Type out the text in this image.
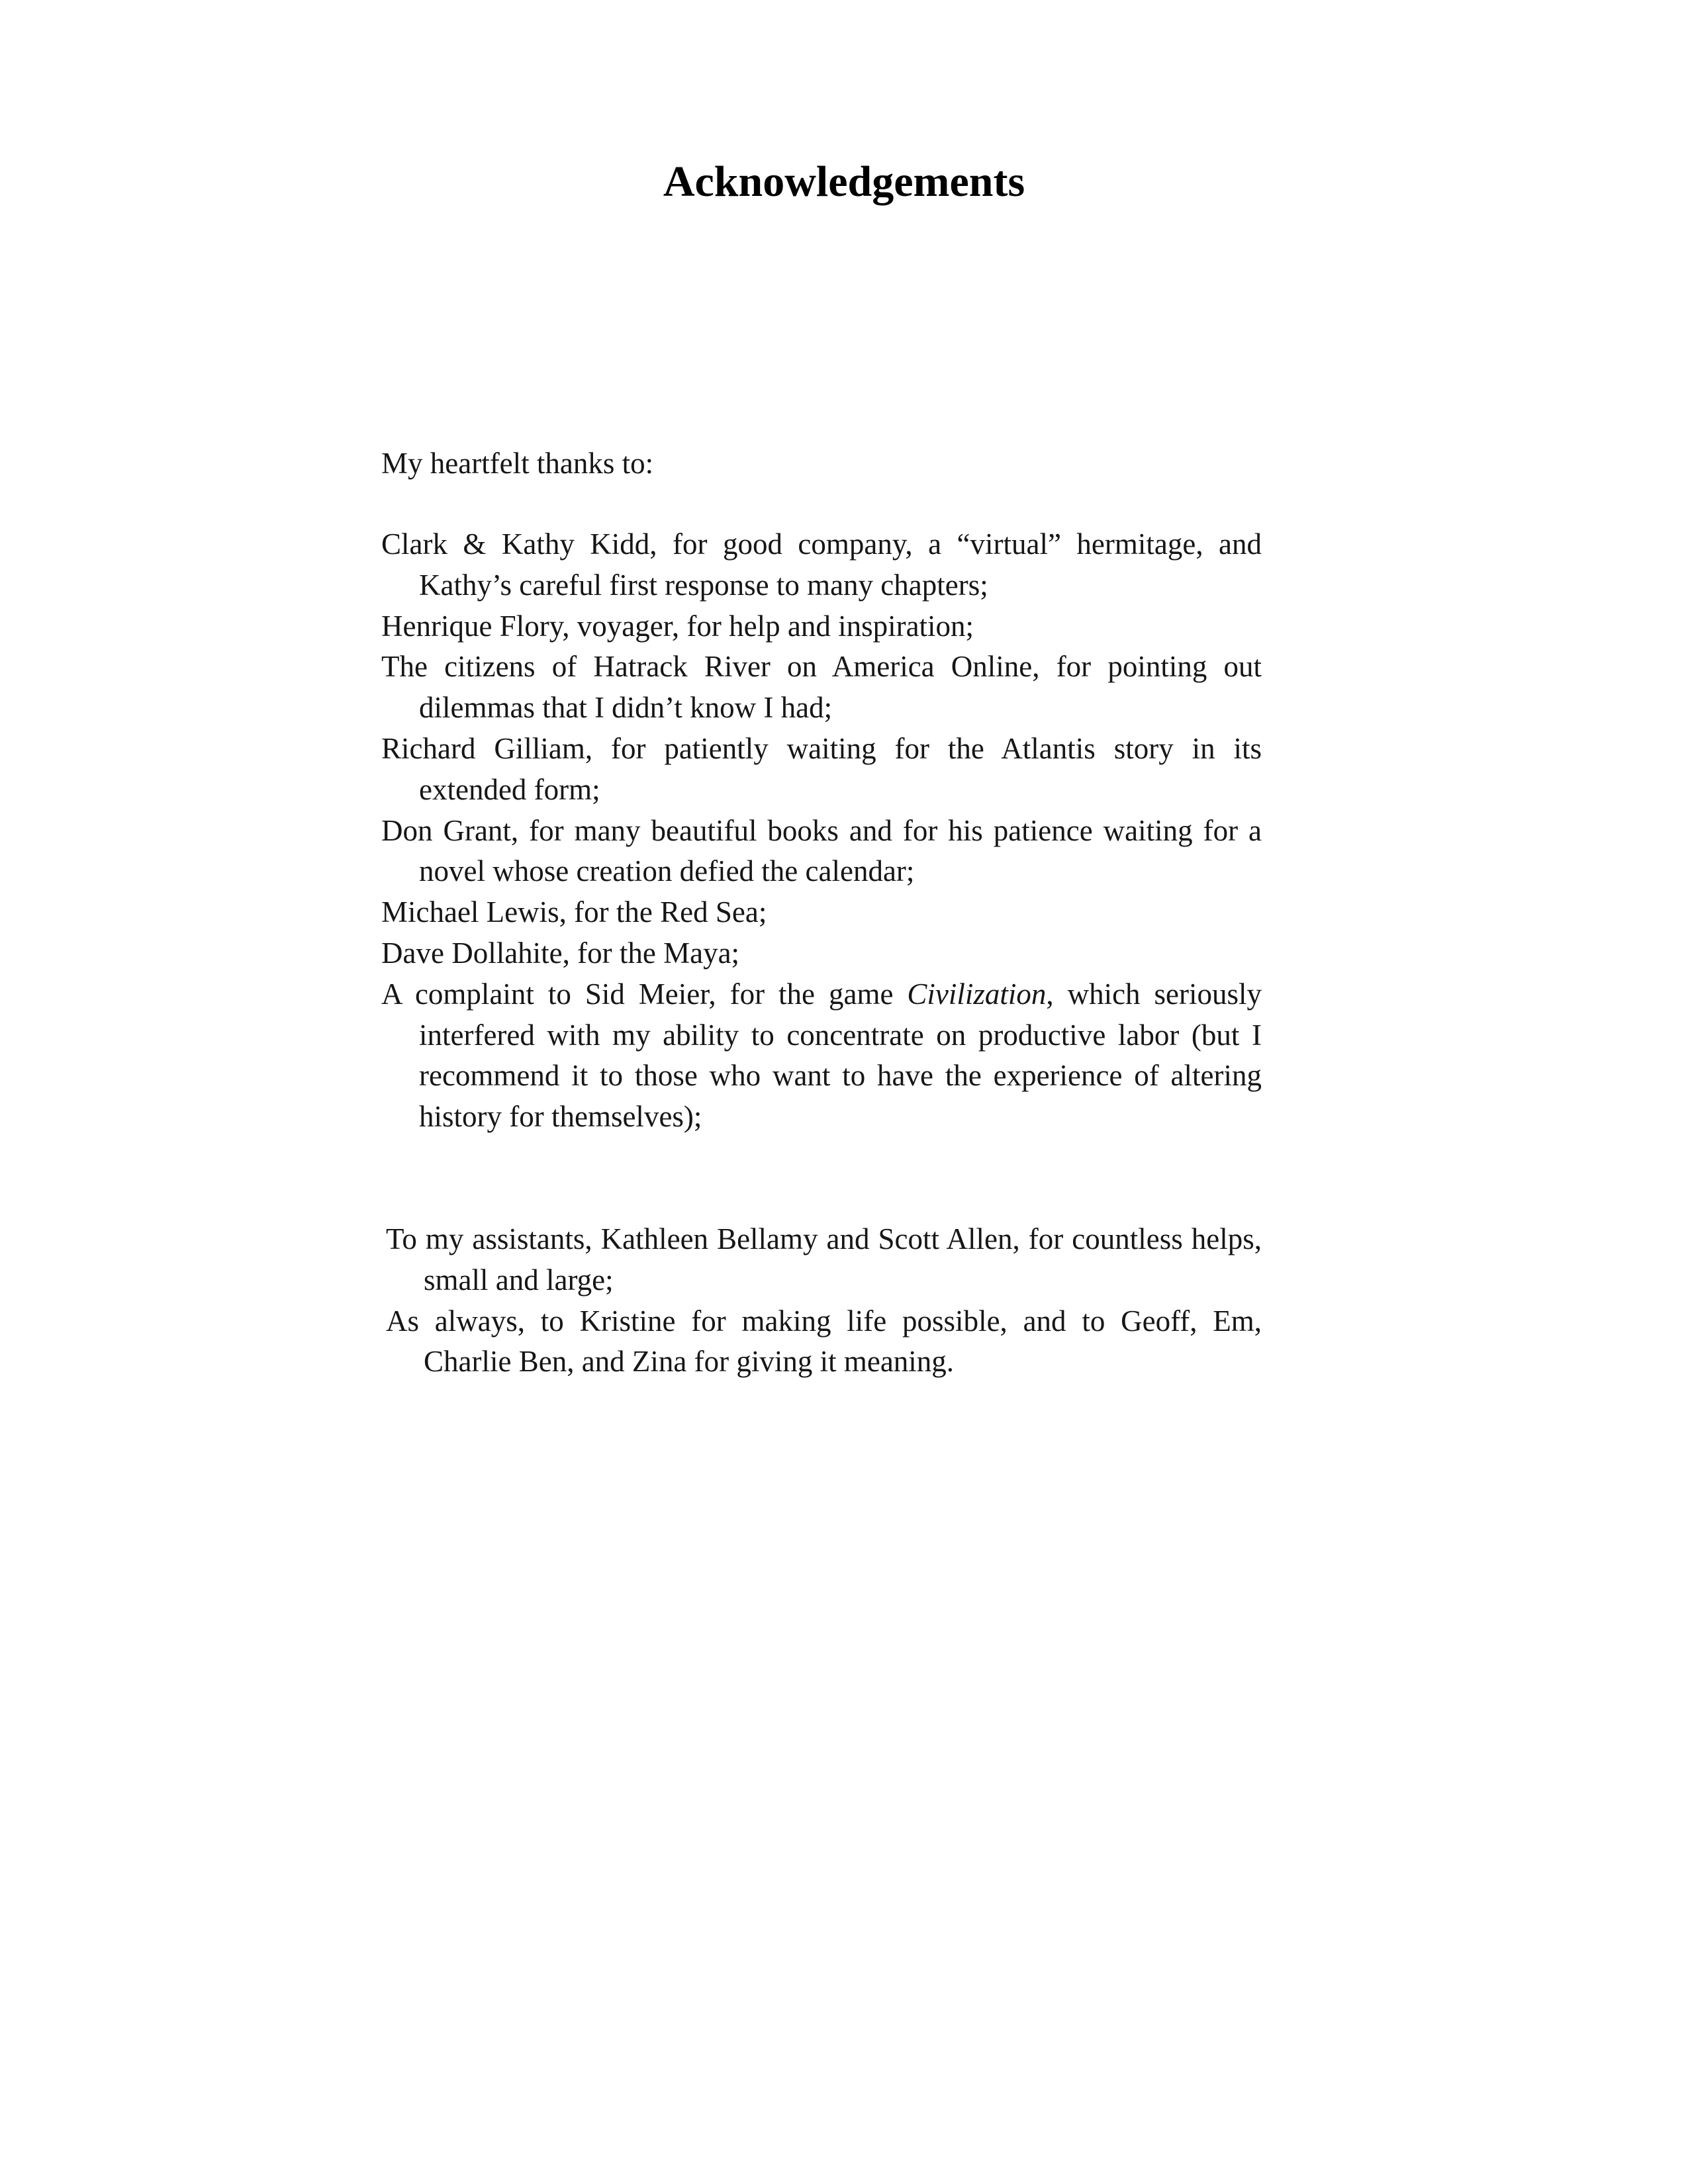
Acknowledgements

My heartfelt thanks to:

Clark & Kathy Kidd, for good company, a “virtual” hermitage, and Kathy’s careful first response to many chapters;

Henrique Flory, voyager, for help and inspiration;

The citizens of Hatrack River on America Online, for pointing out dilemmas that I didn’t know I had;

Richard Gilliam, for patiently waiting for the Atlantis story in its extended form;

Don Grant, for many beautiful books and for his patience waiting for a novel whose creation defied the calendar;

Michael Lewis, for the Red Sea;

Dave Dollahite, for the Maya;

A complaint to Sid Meier, for the game Civilization, which seriously interfered with my ability to concentrate on productive labor (but I recommend it to those who want to have the experience of altering history for themselves);

To my assistants, Kathleen Bellamy and Scott Allen, for countless helps, small and large;

As always, to Kristine for making life possible, and to Geoff, Em, Charlie Ben, and Zina for giving it meaning.
